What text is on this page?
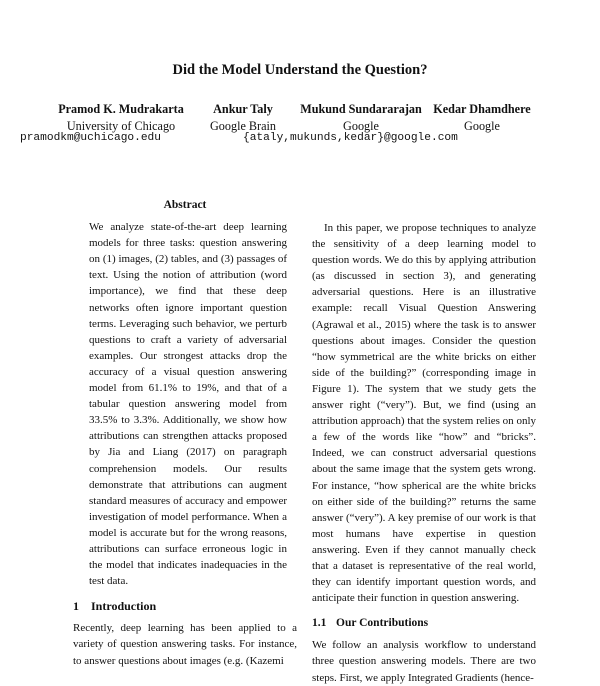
Did the Model Understand the Question?
Pramod K. Mudrakarta
University of Chicago
Ankur Taly
Google Brain
Mukund Sundararajan
Google
Kedar Dhamdhere
Google
pramodkm@uchicago.edu	{ataly,mukunds,kedar}@google.com

Abstract

We analyze state-of-the-art deep learning models for three tasks: question answering on (1) images, (2) tables, and (3) passages of text. Using the notion of attribution (word importance), we find that these deep networks often ignore important question terms. Leveraging such behavior, we perturb questions to craft a variety of adversarial examples. Our strongest attacks drop the accuracy of a visual question answering model from 61.1% to 19%, and that of a tabular question answering model from 33.5% to 3.3%. Additionally, we show how attributions can strengthen attacks proposed by Jia and Liang (2017) on paragraph comprehension models. Our results demonstrate that attributions can augment standard measures of accuracy and empower investigation of model performance. When a model is accurate but for the wrong reasons, attributions can surface erroneous logic in the model that indicates inadequacies in the test data.

1 Introduction

Recently, deep learning has been applied to a variety of question answering tasks. For instance, to answer questions about images (e.g. (Kazemi

In this paper, we propose techniques to analyze the sensitivity of a deep learning model to question words. We do this by applying attribution (as discussed in section 3), and generating adversarial questions. Here is an illustrative example: recall Visual Question Answering (Agrawal et al., 2015) where the task is to answer questions about images. Consider the question “how symmetrical are the white bricks on either side of the building?” (corresponding image in Figure 1). The system that we study gets the answer right (“very”). But, we find (using an attribution approach) that the system relies on only a few of the words like “how” and “bricks”. Indeed, we can construct adversarial questions about the same image that the system gets wrong. For instance, “how spherical are the white bricks on either side of the building?” returns the same answer (“very”). A key premise of our work is that most humans have expertise in question answering. Even if they cannot manually check that a dataset is representative of the real world, they can identify important question words, and anticipate their function in question answering.

1.1 Our Contributions

We follow an analysis workflow to understand three question answering models. There are two steps. First, we apply Integrated Gradients (hence-
